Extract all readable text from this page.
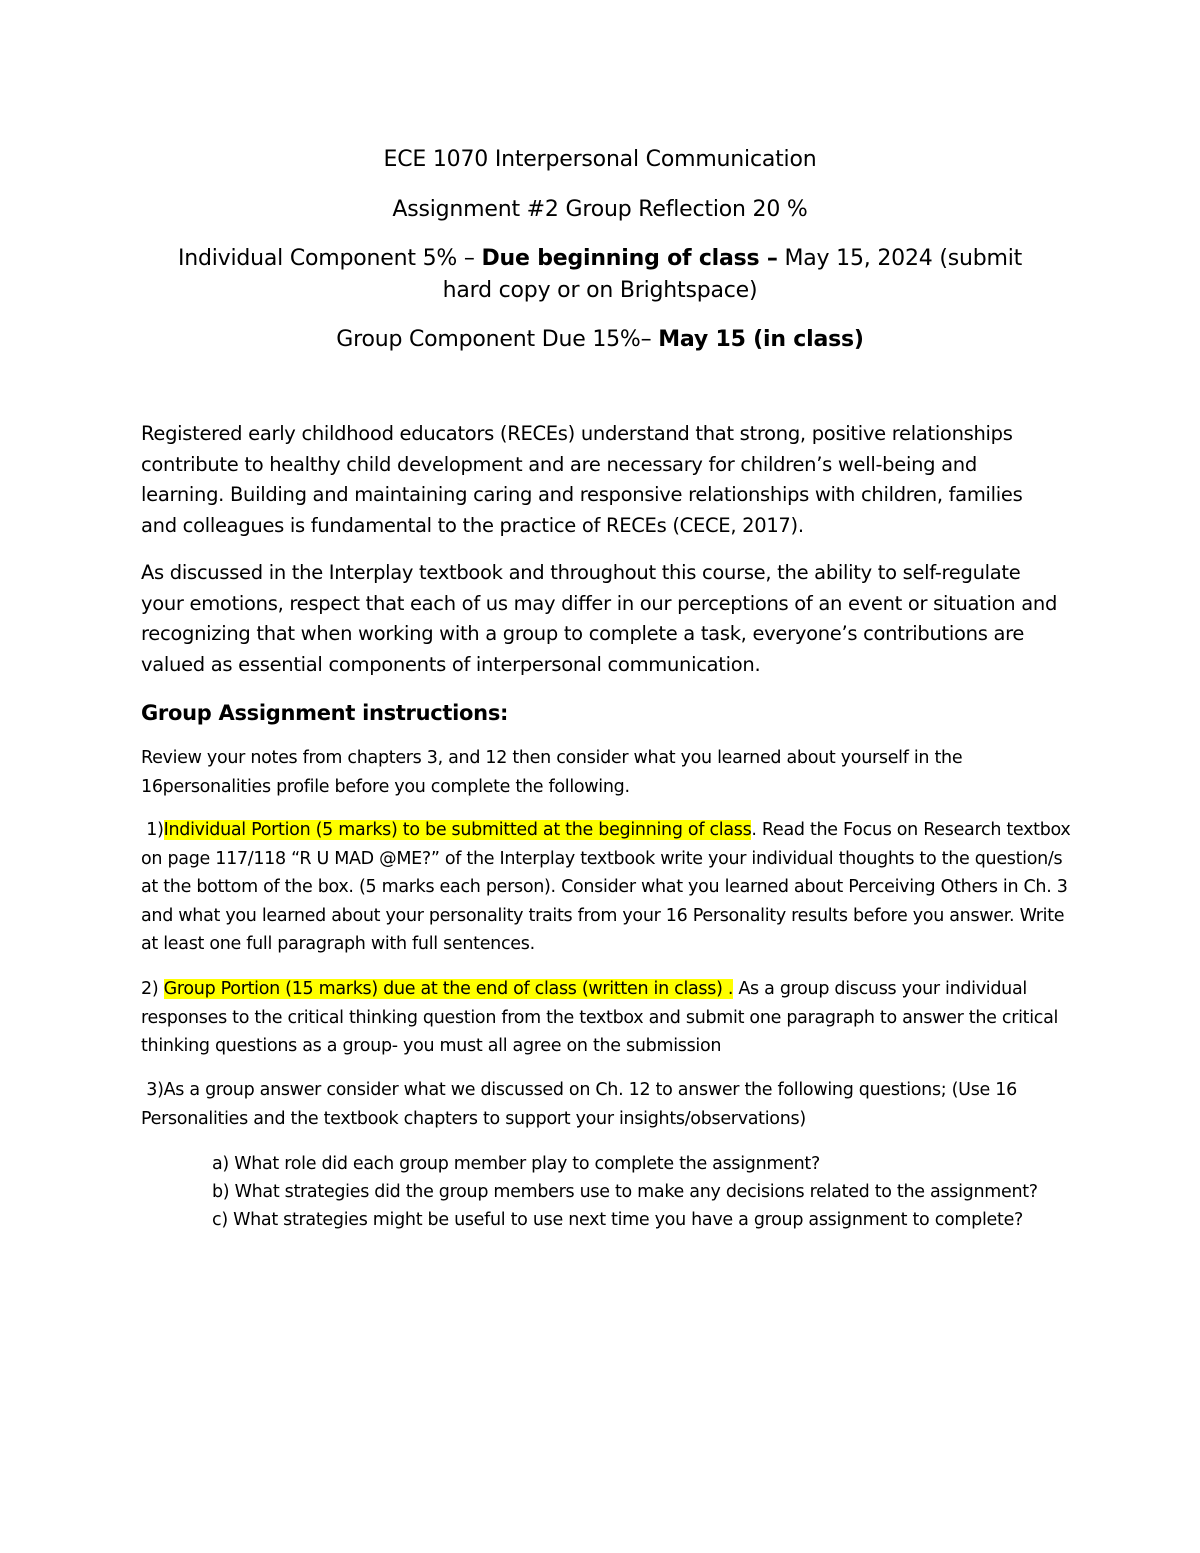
ECE 1070 Interpersonal Communication
Assignment #2 Group Reflection 20 %
Individual Component 5% – Due beginning of class – May 15, 2024 (submit hard copy or on Brightspace)
Group Component Due 15%– May 15 (in class)
Registered early childhood educators (RECEs) understand that strong, positive relationships contribute to healthy child development and are necessary for children’s well-being and learning. Building and maintaining caring and responsive relationships with children, families and colleagues is fundamental to the practice of RECEs (CECE, 2017).
As discussed in the Interplay textbook and throughout this course, the ability to self-regulate your emotions, respect that each of us may differ in our perceptions of an event or situation and recognizing that when working with a group to complete a task, everyone’s contributions are valued as essential components of interpersonal communication.
Group Assignment instructions:
Review your notes from chapters 3, and 12 then consider what you learned about yourself in the 16personalities profile before you complete the following.
1)Individual Portion (5 marks) to be submitted at the beginning of class. Read the Focus on Research textbox on page 117/118 “R U MAD @ME?” of the Interplay textbook write your individual thoughts to the question/s at the bottom of the box. (5 marks each person). Consider what you learned about Perceiving Others in Ch. 3 and what you learned about your personality traits from your 16 Personality results before you answer. Write at least one full paragraph with full sentences.
2) Group Portion (15 marks) due at the end of class (written in class) . As a group discuss your individual responses to the critical thinking question from the textbox and submit one paragraph to answer the critical thinking questions as a group- you must all agree on the submission
3)As a group answer consider what we discussed on Ch. 12 to answer the following questions; (Use 16 Personalities and the textbook chapters to support your insights/observations)
a) What role did each group member play to complete the assignment?
b) What strategies did the group members use to make any decisions related to the assignment?
c) What strategies might be useful to use next time you have a group assignment to complete?
